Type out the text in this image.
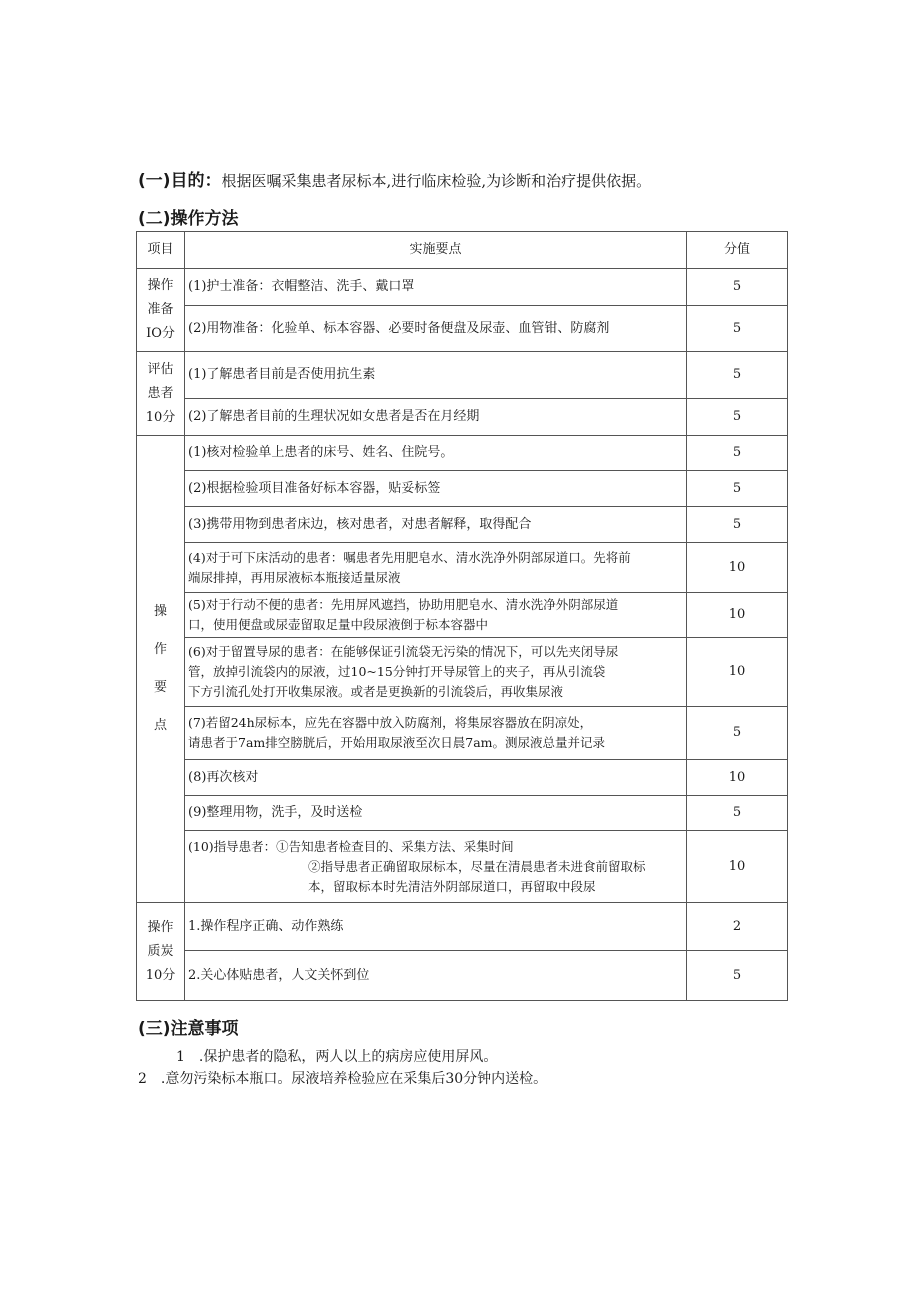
(一)目的：根据医嘱采集患者尿标本,进行临床检验,为诊断和治疗提供依据。
(二)操作方法
项目	实施要点	分值

操作
准备
IO分	(1)护士准备：衣帽整洁、洗手、戴口罩	5
	(2)用物准备：化验单、标本容器、必要时备便盘及尿壶、血管钳、防腐剂	5

评估
患者
10分	(1)了解患者目前是否使用抗生素	5
	(2)了解患者目前的生理状况如女患者是否在月经期	5

操
作
要
点	(1)核对检验单上患者的床号、姓名、住院号。	5
	(2)根据检验项目准备好标本容器，贴妥标签	5
	(3)携带用物到患者床边，核对患者，对患者解释，取得配合	5

	(4)对于可下床活动的患者：嘱患者先用肥皂水、清水洗净外阴部尿道口。先将前
端尿排掉，再用尿液标本瓶接适量尿液	10

	(5)对于行动不便的患者：先用屏风遮挡，协助用肥皂水、清水洗净外阴部尿道
口，使用便盘或尿壶留取足量中段尿液倒于标本容器中	10

	(6)对于留置导尿的患者：在能够保证引流袋无污染的情况下，可以先夹闭导尿
管，放掉引流袋内的尿液，过10~15分钟打开导尿管上的夹子，再从引流袋
下方引流孔处打开收集尿液。或者是更换新的引流袋后，再收集尿液	10

	(7)若留24h尿标本，应先在容器中放入防腐剂，将集尿容器放在阴凉处，
请患者于7am排空膀胱后，开始用取尿液至次日晨7am。测尿液总量并记录	5
	(8)再次核对	10
	(9)整理用物，洗手，及时送检	5

	(10)指导患者：①告知患者检查目的、采集方法、采集时间
②指导患者正确留取尿标本，尽量在清晨患者未进食前留取标
本，留取标本时先清洁外阴部尿道口，再留取中段尿	10

操作
质炭
10分	1.操作程序正确、动作熟练	2
	2.关心体贴患者，人文关怀到位	5
(三)注意事项
1　.保护患者的隐私，两人以上的病房应使用屏风。
2　.意勿污染标本瓶口。尿液培养检验应在采集后30分钟内送检。
